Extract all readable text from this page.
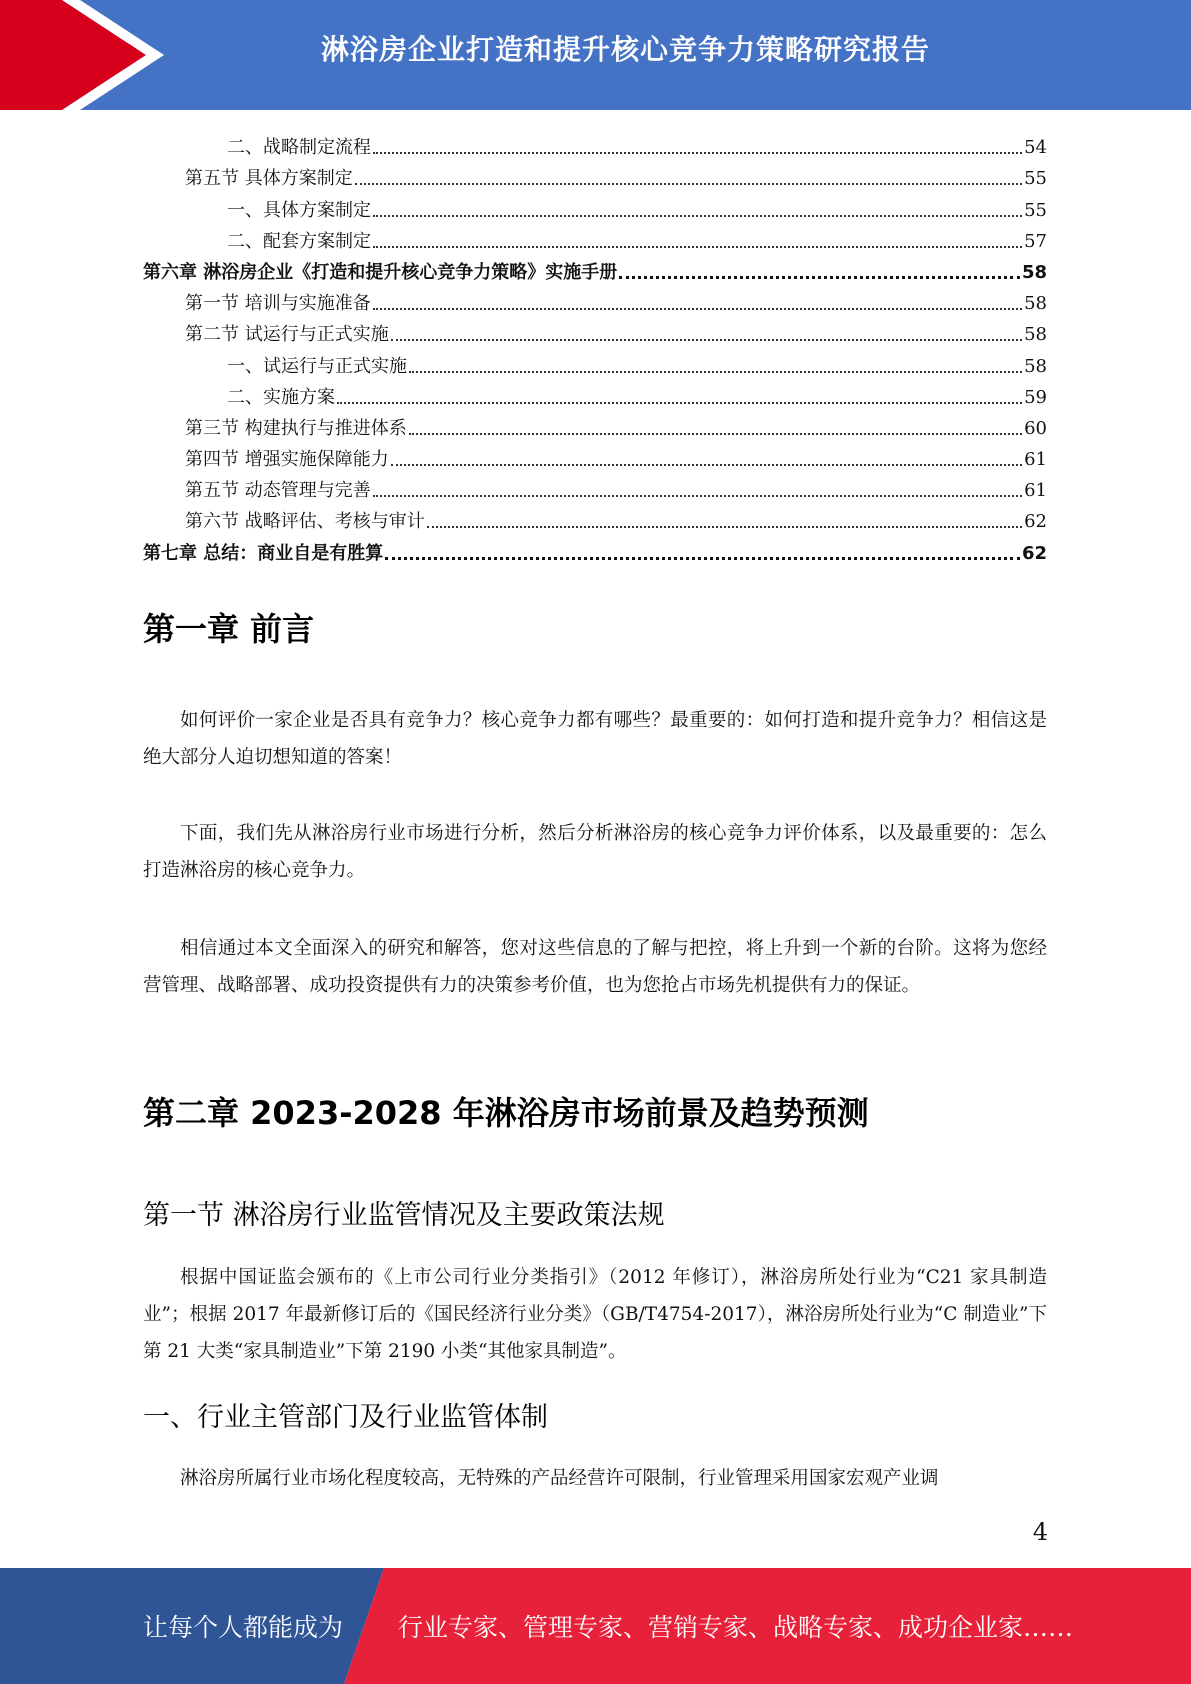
淋浴房企业打造和提升核心竞争力策略研究报告
二、战略制定流程	54
第五节 具体方案制定	55
一、具体方案制定	55
二、配套方案制定	57
第六章 淋浴房企业《打造和提升核心竞争力策略》实施手册	58
第一节 培训与实施准备	58
第二节 试运行与正式实施	58
一、试运行与正式实施	58
二、实施方案	59
第三节 构建执行与推进体系	60
第四节 增强实施保障能力	61
第五节 动态管理与完善	61
第六节 战略评估、考核与审计	62
第七章 总结：商业自是有胜算	62
第一章 前言
如何评价一家企业是否具有竞争力？核心竞争力都有哪些？最重要的：如何打造和提升竞争力？相信这是绝大部分人迫切想知道的答案！
下面，我们先从淋浴房行业市场进行分析，然后分析淋浴房的核心竞争力评价体系，以及最重要的：怎么打造淋浴房的核心竞争力。
相信通过本文全面深入的研究和解答，您对这些信息的了解与把控，将上升到一个新的台阶。这将为您经营管理、战略部署、成功投资提供有力的决策参考价值，也为您抢占市场先机提供有力的保证。
第二章 2023-2028 年淋浴房市场前景及趋势预测
第一节 淋浴房行业监管情况及主要政策法规
根据中国证监会颁布的《上市公司行业分类指引》（2012 年修订），淋浴房所处行业为“C21 家具制造业”；根据 2017 年最新修订后的《国民经济行业分类》（GB/T4754-2017），淋浴房所处行业为“C 制造业”下第 21 大类“家具制造业”下第 2190 小类“其他家具制造”。
一、行业主管部门及行业监管体制
淋浴房所属行业市场化程度较高，无特殊的产品经营许可限制，行业管理采用国家宏观产业调
4
让每个人都能成为 行业专家、管理专家、营销专家、战略专家、成功企业家……
